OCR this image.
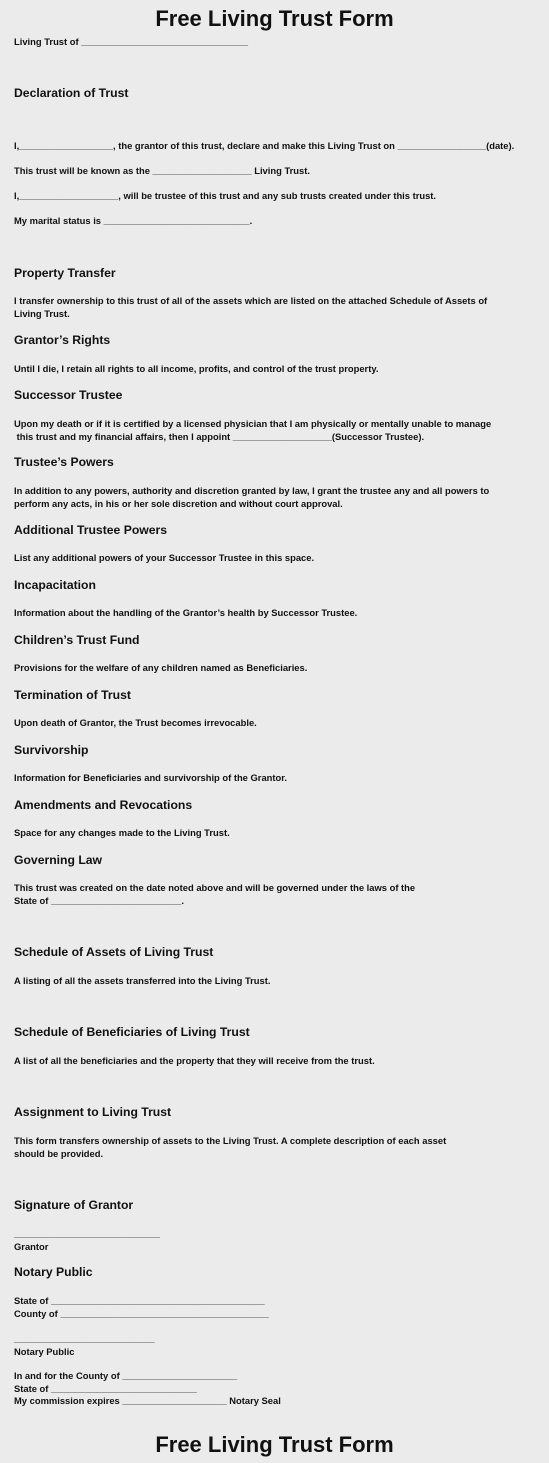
Free Living Trust Form
Living Trust of ________________________________
Declaration of Trust
I,__________________, the grantor of this trust, declare and make this Living Trust on _________________(date).
This trust will be known as the ___________________ Living Trust.
I,___________________, will be trustee of this trust and any sub trusts created under this trust.
My marital status is ____________________________.
Property Transfer
I transfer ownership to this trust of all of the assets which are listed on the attached Schedule of Assets of
Living Trust.
Grantor’s Rights
Until I die, I retain all rights to all income, profits, and control of the trust property.
Successor Trustee
Upon my death or if it is certified by a licensed physician that I am physically or mentally unable to manage
this trust and my financial affairs, then I appoint ___________________(Successor Trustee).
Trustee’s Powers
In addition to any powers, authority and discretion granted by law, I grant the trustee any and all powers to
perform any acts, in his or her sole discretion and without court approval.
Additional Trustee Powers
List any additional powers of your Successor Trustee in this space.
Incapacitation
Information about the handling of the Grantor’s health by Successor Trustee.
Children’s Trust Fund
Provisions for the welfare of any children named as Beneficiaries.
Termination of Trust
Upon death of Grantor, the Trust becomes irrevocable.
Survivorship
Information for Beneficiaries and survivorship of the Grantor.
Amendments and Revocations
Space for any changes made to the Living Trust.
Governing Law
This trust was created on the date noted above and will be governed under the laws of the
State of _________________________.
Schedule of Assets of Living Trust
A listing of all the assets transferred into the Living Trust.
Schedule of Beneficiaries of Living Trust
A list of all the beneficiaries and the property that they will receive from the trust.
Assignment to Living Trust
This form transfers ownership of assets to the Living Trust. A complete description of each asset
should be provided.
Signature of Grantor
____________________________
Grantor
Notary Public
State of _________________________________________
County of ________________________________________
___________________________
Notary Public
In and for the County of ______________________
State of ____________________________
My commission expires ____________________ Notary Seal
Free Living Trust Form
